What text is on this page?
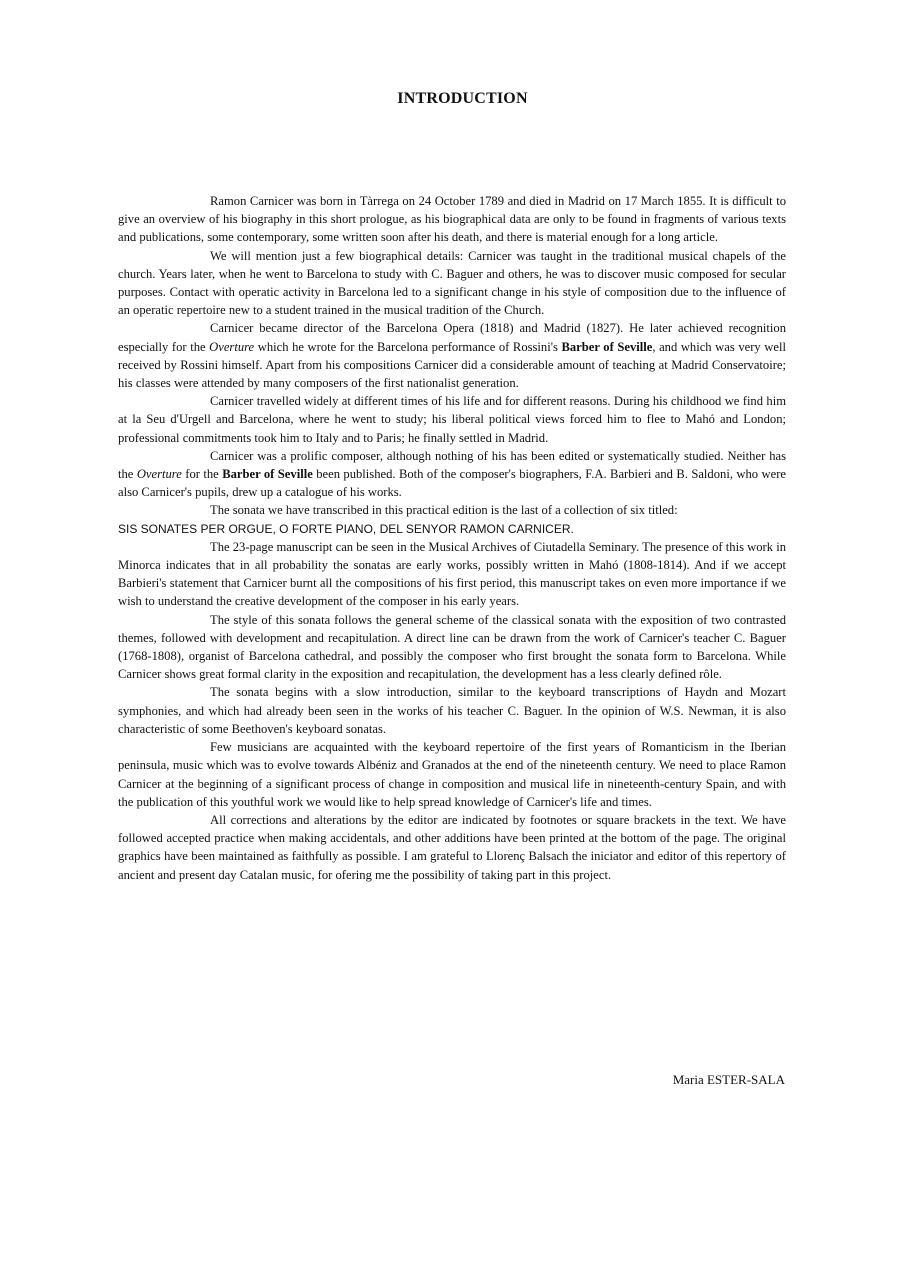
INTRODUCTION

Ramon Carnicer was born in Tàrrega on 24 October 1789 and died in Madrid on 17 March 1855. It is difficult to give an overview of his biography in this short prologue, as his biographical data are only to be found in fragments of various texts and publications, some contemporary, some written soon after his death, and there is material enough for a long article.

We will mention just a few biographical details: Carnicer was taught in the traditional musical chapels of the church. Years later, when he went to Barcelona to study with C. Baguer and others, he was to discover music composed for secular purposes. Contact with operatic activity in Barcelona led to a significant change in his style of composition due to the influence of an operatic repertoire new to a student trained in the musical tradition of the Church.

Carnicer became director of the Barcelona Opera (1818) and Madrid (1827). He later achieved recognition especially for the Overture which he wrote for the Barcelona performance of Rossini's Barber of Seville, and which was very well received by Rossini himself. Apart from his compositions Carnicer did a considerable amount of teaching at Madrid Conservatoire; his classes were attended by many composers of the first nationalist generation.

Carnicer travelled widely at different times of his life and for different reasons. During his childhood we find him at la Seu d'Urgell and Barcelona, where he went to study; his liberal political views forced him to flee to Mahó and London; professional commitments took him to Italy and to Paris; he finally settled in Madrid.

Carnicer was a prolific composer, although nothing of his has been edited or systematically studied. Neither has the Overture for the Barber of Seville been published. Both of the composer's biographers, F.A. Barbieri and B. Saldoni, who were also Carnicer's pupils, drew up a catalogue of his works.

The sonata we have transcribed in this practical edition is the last of a collection of six titled:

SIS SONATES PER ORGUE, O FORTE PIANO, DEL SENYOR RAMON CARNICER.

The 23-page manuscript can be seen in the Musical Archives of Ciutadella Seminary. The presence of this work in Minorca indicates that in all probability the sonatas are early works, possibly written in Mahó (1808-1814). And if we accept Barbieri's statement that Carnicer burnt all the compositions of his first period, this manuscript takes on even more importance if we wish to understand the creative development of the composer in his early years.

The style of this sonata follows the general scheme of the classical sonata with the exposition of two contrasted themes, followed with development and recapitulation. A direct line can be drawn from the work of Carnicer's teacher C. Baguer (1768-1808), organist of Barcelona cathedral, and possibly the composer who first brought the sonata form to Barcelona. While Carnicer shows great formal clarity in the exposition and recapitulation, the development has a less clearly defined rôle.

The sonata begins with a slow introduction, similar to the keyboard transcriptions of Haydn and Mozart symphonies, and which had already been seen in the works of his teacher C. Baguer. In the opinion of W.S. Newman, it is also characteristic of some Beethoven's keyboard sonatas.

Few musicians are acquainted with the keyboard repertoire of the first years of Romanticism in the Iberian peninsula, music which was to evolve towards Albéniz and Granados at the end of the nineteenth century. We need to place Ramon Carnicer at the beginning of a significant process of change in composition and musical life in nineteenth-century Spain, and with the publication of this youthful work we would like to help spread knowledge of Carnicer's life and times.

All corrections and alterations by the editor are indicated by footnotes or square brackets in the text. We have followed accepted practice when making accidentals, and other additions have been printed at the bottom of the page. The original graphics have been maintained as faithfully as possible. I am grateful to Llorenç Balsach the iniciator and editor of this repertory of ancient and present day Catalan music, for ofering me the possibility of taking part in this project.

Maria ESTER-SALA
